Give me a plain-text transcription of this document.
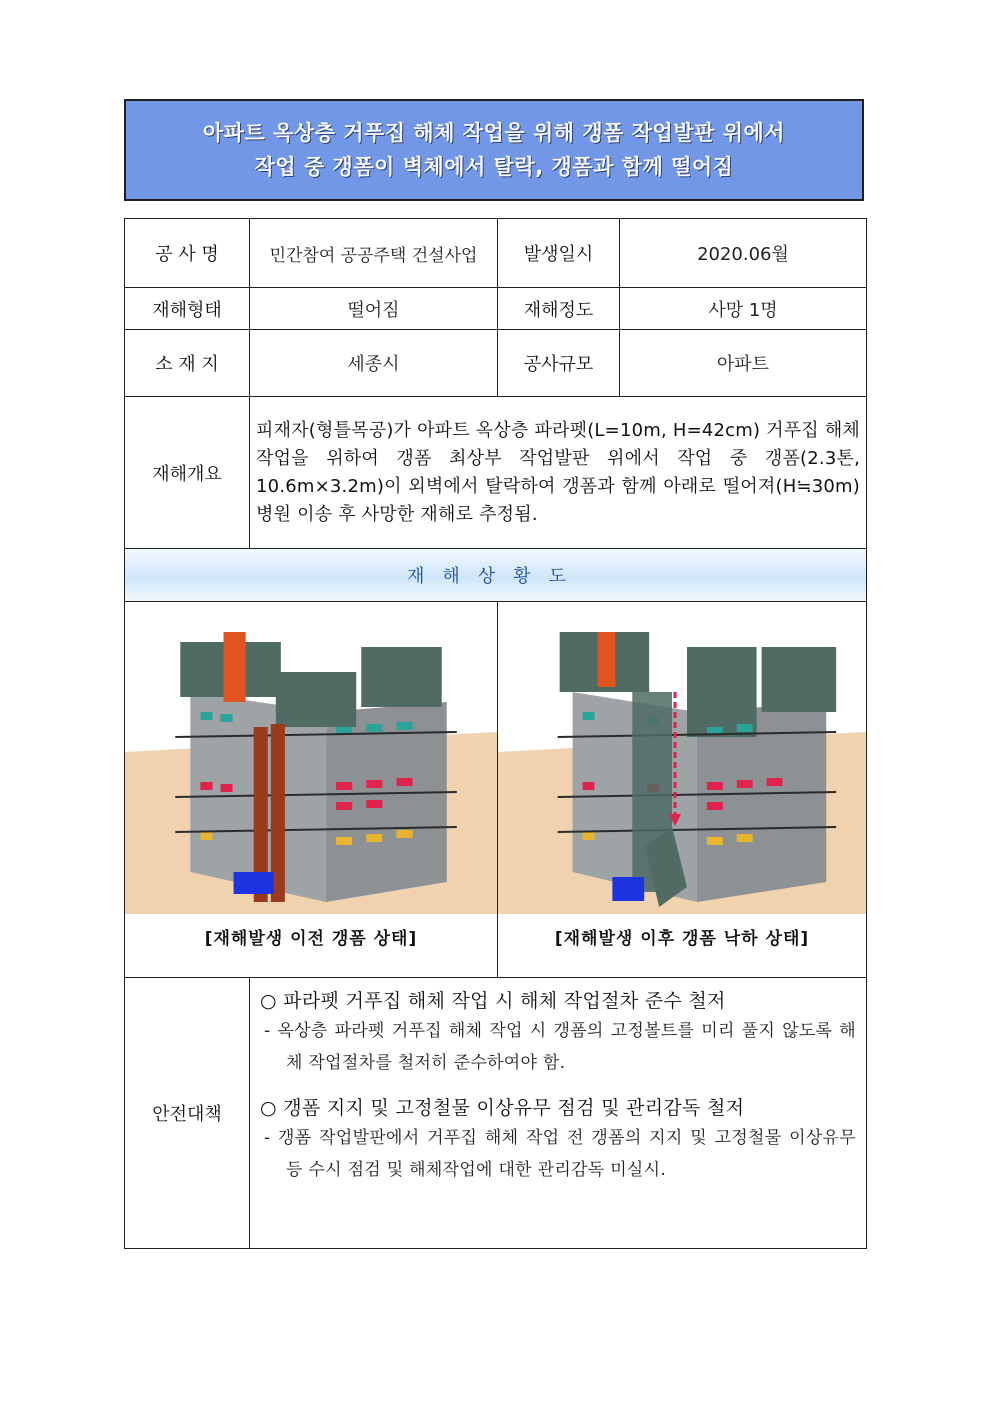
아파트 옥상층 거푸집 해체 작업을 위해 갱폼 작업발판 위에서
작업 중 갱폼이 벽체에서 탈락, 갱폼과 함께 떨어짐
공 사 명	민간참여 공공주택 건설사업	발생일시	2020.06월
재해형태	떨어짐	재해정도	사망 1명
소 재 지	세종시	공사규모	아파트
재해개요	피재자(형틀목공)가 아파트 옥상층 파라펫(L=10m, H=42cm) 거푸집 해체 작업을 위하여 갱폼 최상부 작업발판 위에서 작업 중 갱폼(2.3톤, 10.6m×3.2m)이 외벽에서 탈락하여 갱폼과 함께 아래로 떨어져(H≒30m) 병원 이송 후 사망한 재해로 추정됨.		
재해상황도			

[재해발생 이전 갱폼 상태]		[재해발생 이후 갱폼 낙하 상태]	

안전대책	○ 파라펫 거푸집 해체 작업 시 해체 작업절차 준수 철저
- 옥상층 파라펫 거푸집 해체 작업 시 갱폼의 고정볼트를 미리 풀지 않도록 해체 작업절차를 철저히 준수하여야 함.
○ 갱폼 지지 및 고정철물 이상유무 점검 및 관리감독 철저
- 갱폼 작업발판에서 거푸집 해체 작업 전 갱폼의 지지 및 고정철물 이상유무 등 수시 점검 및 해체작업에 대한 관리감독 미실시.		
